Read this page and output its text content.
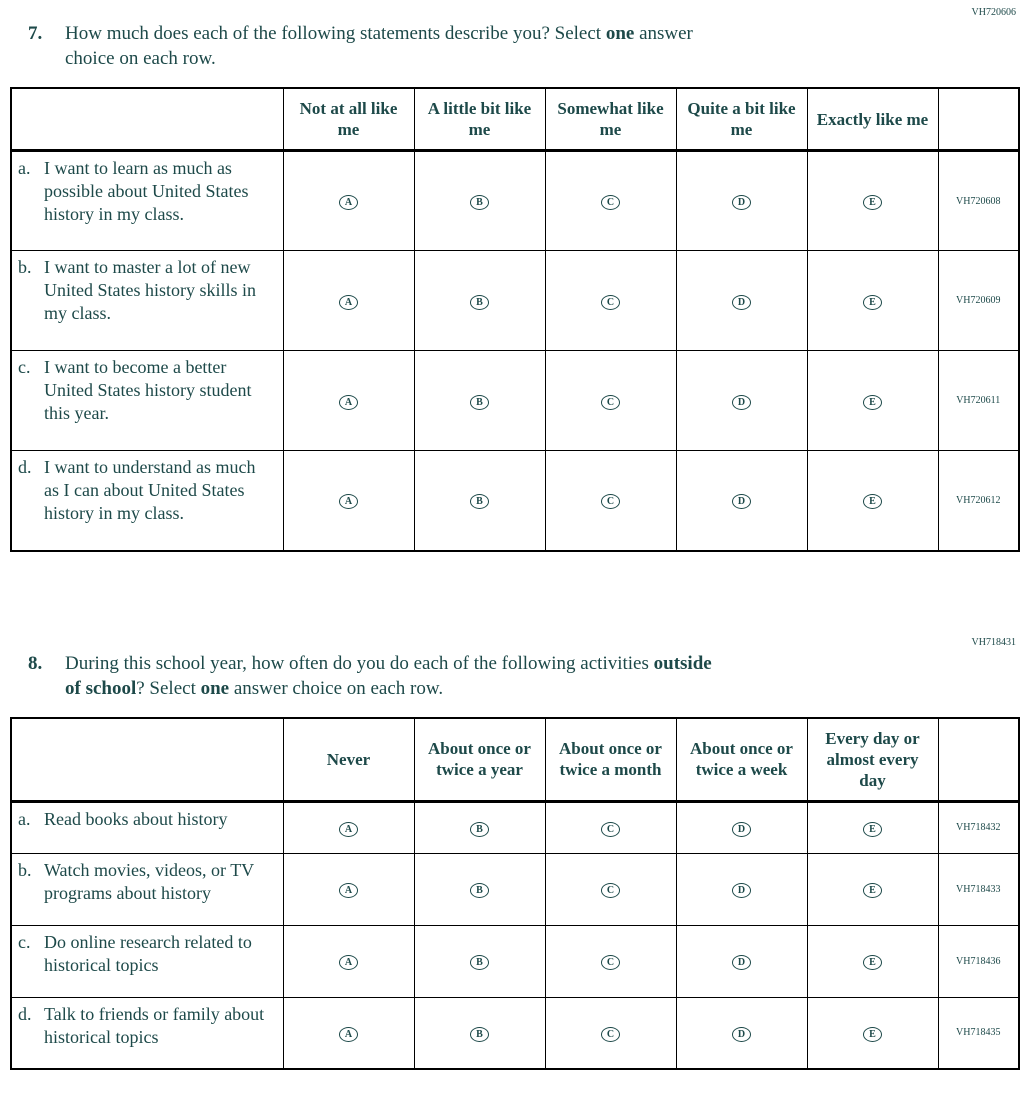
VH720606
7.	How much does each of the following statements describe you? Select one answer
choice on each row.
	Not at all like me	A little bit like me	Somewhat like me	Quite a bit like me	Exactly like me	

a. I want to learn as much as possible about United States history in my class.	A	B	C	D	E	VH720608

b. I want to master a lot of new United States history skills in my class.	A	B	C	D	E	VH720609

c. I want to become a better United States history student this year.	A	B	C	D	E	VH720611

d. I want to understand as much as I can about United States history in my class.	A	B	C	D	E	VH720612
VH718431
8.	During this school year, how often do you do each of the following activities outside
of school? Select one answer choice on each row.
	Never	About once or twice a year	About once or twice a month	About once or twice a week	Every day or almost every day	

a. Read books about history	A	B	C	D	E	VH718432

b. Watch movies, videos, or TV programs about history	A	B	C	D	E	VH718433

c. Do online research related to historical topics	A	B	C	D	E	VH718436

d. Talk to friends or family about historical topics	A	B	C	D	E	VH718435
